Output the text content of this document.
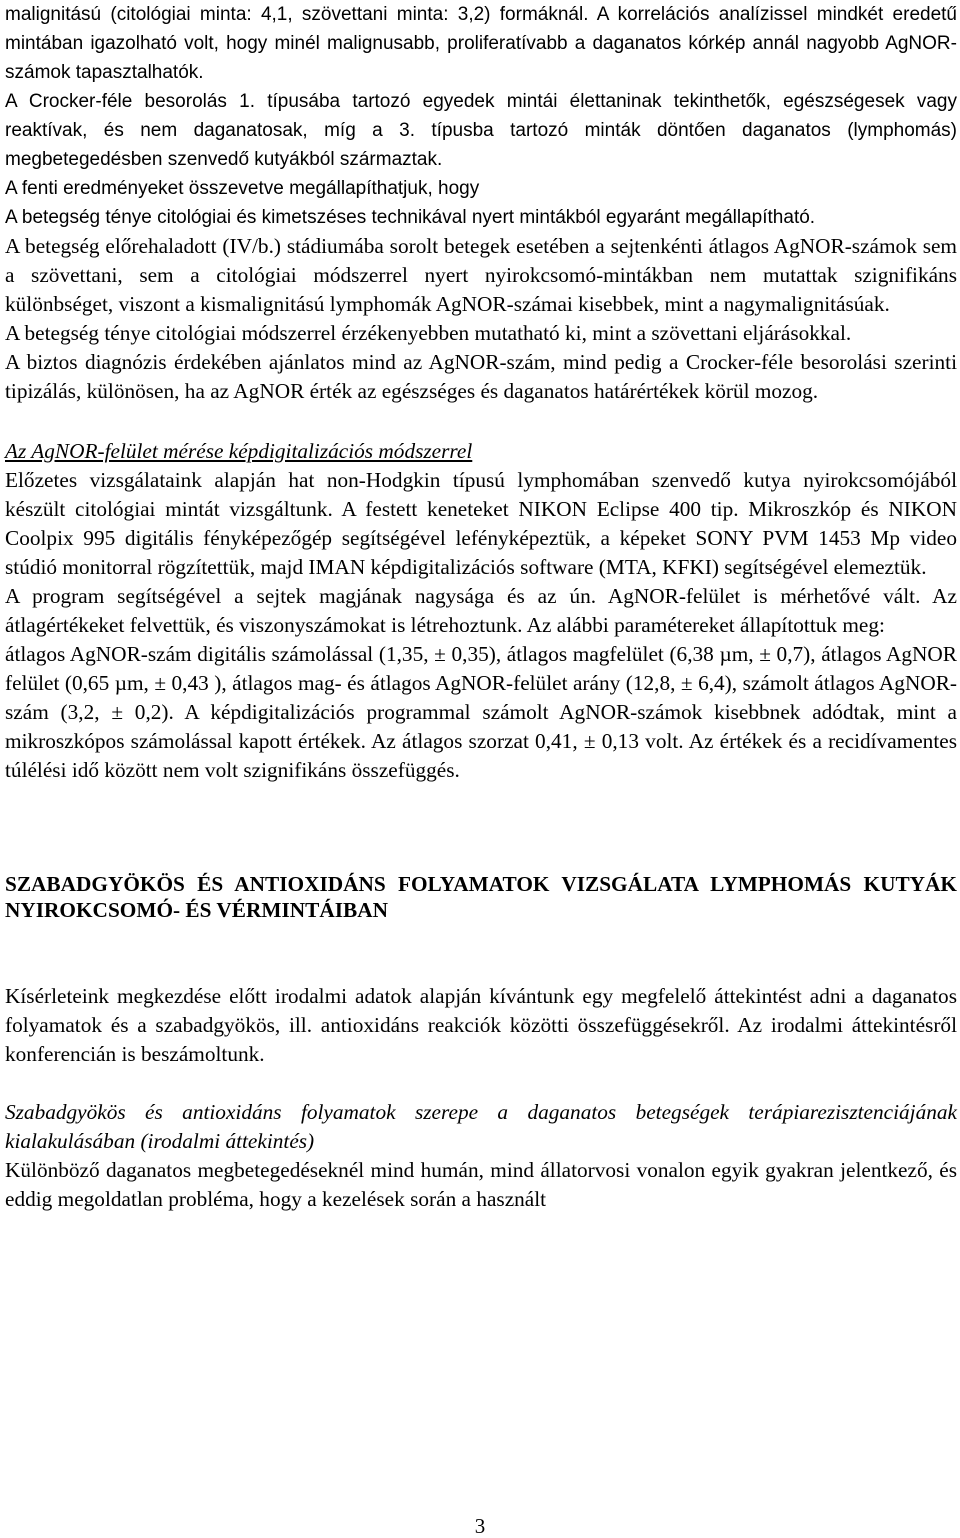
malignitású (citológiai minta: 4,1, szövettani minta: 3,2) formáknál. A korrelációs analízissel mindkét eredetű mintában igazolható volt, hogy minél malignusabb, proliferatívabb a daganatos kórkép annál nagyobb AgNOR-számok tapasztalhatók.

A Crocker-féle besorolás 1. típusába tartozó egyedek mintái élettaninak tekinthetők, egészségesek vagy reaktívak, és nem daganatosak, míg a 3. típusba tartozó minták döntően daganatos (lymphomás) megbetegedésben szenvedő kutyákból származtak.

A fenti eredményeket összevetve megállapíthatjuk, hogy

A betegség ténye citológiai és kimetszéses technikával nyert mintákból egyaránt megállapítható.

A betegség előrehaladott (IV/b.) stádiumába sorolt betegek esetében a sejtenkénti átlagos AgNOR-számok sem a szövettani, sem a citológiai módszerrel nyert nyirokcsomó-mintákban nem mutattak szignifikáns különbséget, viszont a kismalignitású lymphomák AgNOR-számai kisebbek, mint a nagymalignitásúak.

A betegség ténye citológiai módszerrel érzékenyebben mutatható ki, mint a szövettani eljárásokkal.

A biztos diagnózis érdekében ajánlatos mind az AgNOR-szám, mind pedig a Crocker-féle besorolási szerinti tipizálás, különösen, ha az AgNOR érték az egészséges és daganatos határértékek körül mozog.

Az AgNOR-felület mérése képdigitalizációs módszerrel

Előzetes vizsgálataink alapján hat non-Hodgkin típusú lymphomában szenvedő kutya nyirokcsomójából készült citológiai mintát vizsgáltunk. A festett keneteket NIKON Eclipse 400 tip. Mikroszkóp és NIKON Coolpix 995 digitális fényképezőgép segítségével lefényképeztük, a képeket SONY PVM 1453 Mp video stúdió monitorral rögzítettük, majd IMAN képdigitalizációs software (MTA, KFKI) segítségével elemeztük.

A program segítségével a sejtek magjának nagysága és az ún. AgNOR-felület is mérhetővé vált. Az átlagértékeket felvettük, és viszonyszámokat is létrehoztunk. Az alábbi paramétereket állapítottuk meg:

átlagos AgNOR-szám digitális számolással (1,35, ± 0,35), átlagos magfelület (6,38 µm, ± 0,7), átlagos AgNOR felület (0,65 µm, ± 0,43 ), átlagos mag- és átlagos AgNOR-felület arány (12,8, ± 6,4), számolt átlagos AgNOR-szám (3,2, ± 0,2). A képdigitalizációs programmal számolt AgNOR-számok kisebbnek adódtak, mint a mikroszkópos számolással kapott értékek. Az átlagos szorzat 0,41, ± 0,13 volt. Az értékek és a recidívamentes túlélési idő között nem volt szignifikáns összefüggés.

SZABADGYÖKÖS ÉS ANTIOXIDÁNS FOLYAMATOK VIZSGÁLATA LYMPHOMÁS KUTYÁK NYIROKCSOMÓ- ÉS VÉRMINTÁIBAN

Kísérleteink megkezdése előtt irodalmi adatok alapján kívántunk egy megfelelő áttekintést adni a daganatos folyamatok és a szabadgyökös, ill. antioxidáns reakciók közötti összefüggésekről. Az irodalmi áttekintésről konferencián is beszámoltunk.

Szabadgyökös és antioxidáns folyamatok szerepe a daganatos betegségek terápiarezisztenciájának kialakulásában (irodalmi áttekintés)

Különböző daganatos megbetegedéseknél mind humán, mind állatorvosi vonalon egyik gyakran jelentkező, és eddig megoldatlan probléma, hogy a kezelések során a használt

3
